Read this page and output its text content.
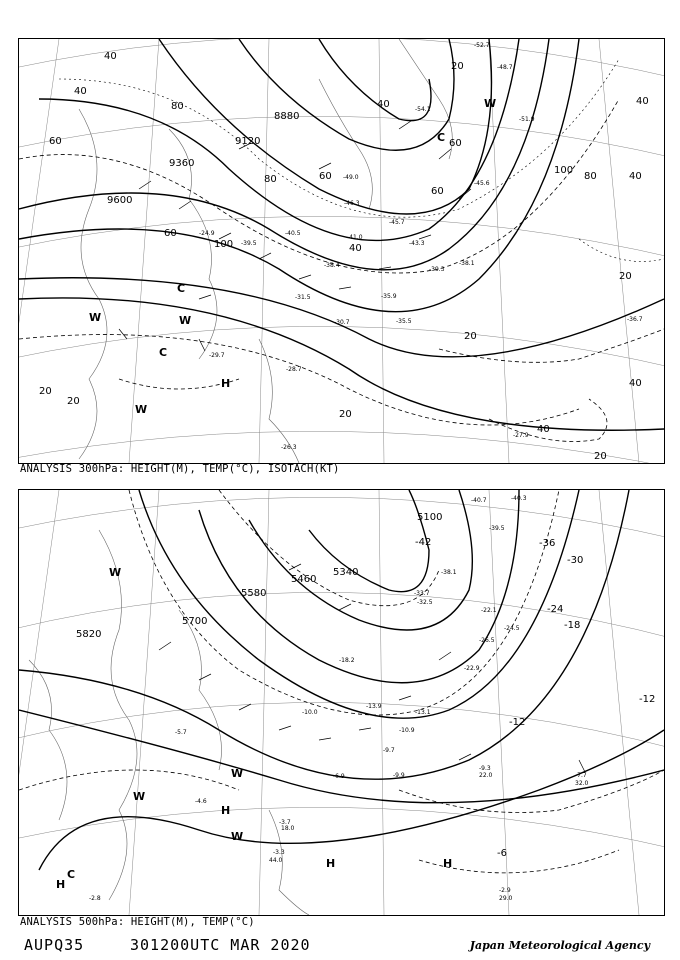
8880
9120
9360
9600
40
40
60
80
100
60
80	60
40
60
100
80	40
40
20
20
40
40
20
20
20
20
60
40
20
H
C
C
C
W	W
W
W
-52.7
-48.7
-54.1
-51.9
-49.0
-45.7
-43.3
-41.0
-38.4
-36.7
-35.5
-35.9
-31.5
-30.7
-29.7
-28.7
-27.9
-26.3
-24.9
-39.3
-39.5
-40.5
-38.1
-46.3
-45.6
ANALYSIS 300hPa: HEIGHT(M), TEMP(°C), ISOTACH(KT)
5100
5340
5460
5580
5700
5820
-42	-36
-30
-24
-18
-12
-12
-6
H
H	H
H
C
W
W
W
W
-40.7	-40.3
-39.5
-38.1
-33.7
-32.5
-26.5
-24.5
-22.1
-22.9
-18.2
-13.9
-13.1
-10.9
-10.0
-9.7
-9.9
-9.3
-7.7
-6.9
-5.7
-4.6
-3.7
-3.3
-2.9
-2.8
22.0
32.0
29.0
44.0
18.0
ANALYSIS 500hPa: HEIGHT(M), TEMP(°C)
AUPQ35	301200UTC MAR 2020	Japan Meteorological Agency
